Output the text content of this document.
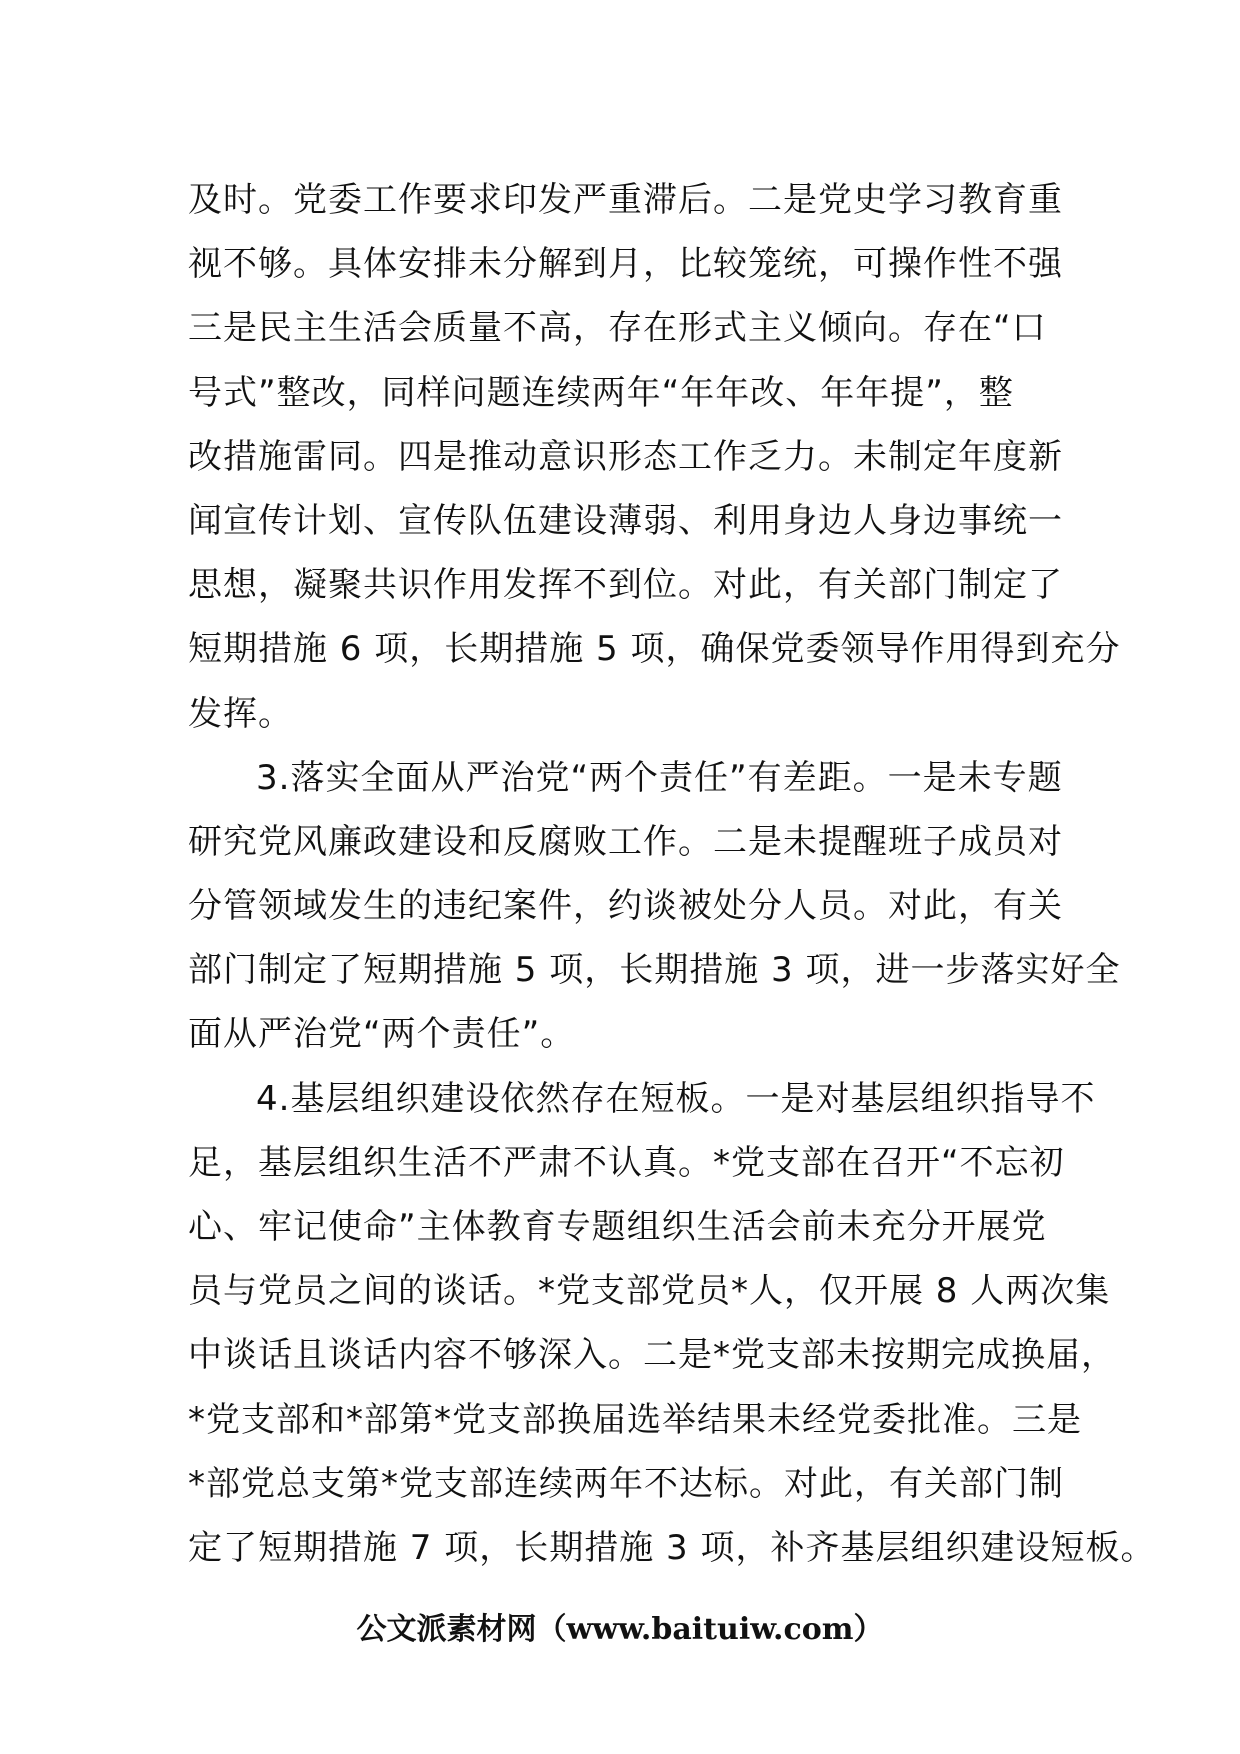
及时。党委工作要求印发严重滞后。二是党史学习教育重
视不够。具体安排未分解到月，比较笼统，可操作性不强
三是民主生活会质量不高，存在形式主义倾向。存在“口
号式”整改，同样问题连续两年“年年改、年年提”，整
改措施雷同。四是推动意识形态工作乏力。未制定年度新
闻宣传计划、宣传队伍建设薄弱、利用身边人身边事统一
思想，凝聚共识作用发挥不到位。对此，有关部门制定了
短期措施 6 项，长期措施 5 项，确保党委领导作用得到充分
发挥。
3.落实全面从严治党“两个责任”有差距。一是未专题
研究党风廉政建设和反腐败工作。二是未提醒班子成员对
分管领域发生的违纪案件，约谈被处分人员。对此，有关
部门制定了短期措施 5 项，长期措施 3 项，进一步落实好全
面从严治党“两个责任”。
4.基层组织建设依然存在短板。一是对基层组织指导不
足，基层组织生活不严肃不认真。*党支部在召开“不忘初
心、牢记使命”主体教育专题组织生活会前未充分开展党
员与党员之间的谈话。*党支部党员*人，仅开展 8 人两次集
中谈话且谈话内容不够深入。二是*党支部未按期完成换届，
*党支部和*部第*党支部换届选举结果未经党委批准。三是
*部党总支第*党支部连续两年不达标。对此，有关部门制
定了短期措施 7 项，长期措施 3 项，补齐基层组织建设短板。
公文派素材网（www.baituiw.com）
